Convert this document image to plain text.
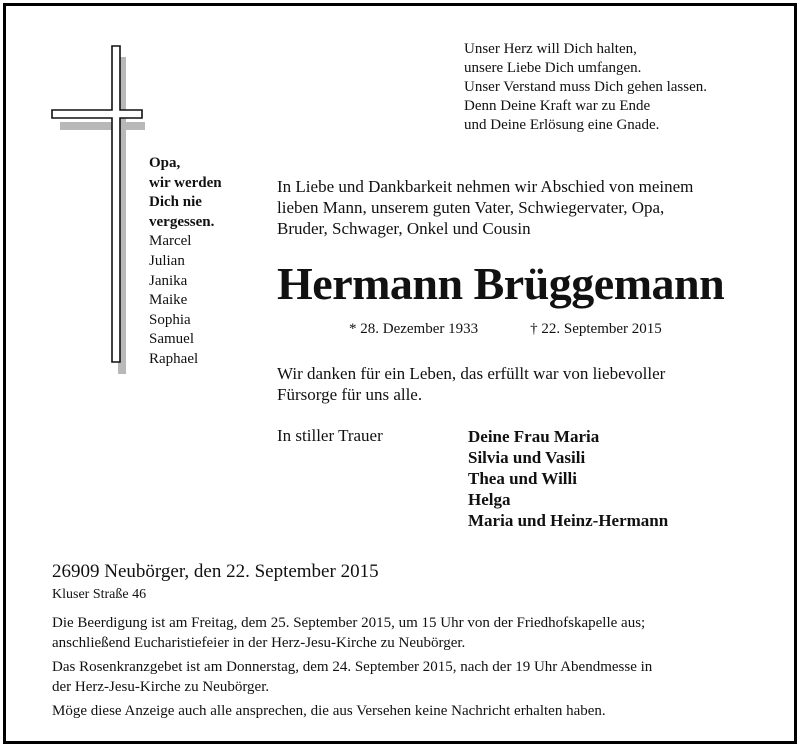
Unser Herz will Dich halten,
unsere Liebe Dich umfangen.
Unser Verstand muss Dich gehen lassen.
Denn Deine Kraft war zu Ende
und Deine Erlösung eine Gnade.
Opa,
wir werden
Dich nie
vergessen.
Marcel
Julian
Janika
Maike
Sophia
Samuel
Raphael
In Liebe und Dankbarkeit nehmen wir Abschied von meinem
lieben Mann, unserem guten Vater, Schwiegervater, Opa,
Bruder, Schwager, Onkel und Cousin
Hermann Brüggemann
* 28. Dezember 1933	† 22. September 2015
Wir danken für ein Leben, das erfüllt war von liebevoller
Fürsorge für uns alle.
In stiller Trauer	Deine Frau Maria
Silvia und Vasili
Thea und Willi
Helga
Maria und Heinz-Hermann
26909 Neubörger, den 22. September 2015
Kluser Straße 46

Die Beerdigung ist am Freitag, dem 25. September 2015, um 15 Uhr von der Friedhofskapelle aus;
anschließend Eucharistiefeier in der Herz-Jesu-Kirche zu Neubörger.

Das Rosenkranzgebet ist am Donnerstag, dem 24. September 2015, nach der 19 Uhr Abendmesse in
der Herz-Jesu-Kirche zu Neubörger.

Möge diese Anzeige auch alle ansprechen, die aus Versehen keine Nachricht erhalten haben.
